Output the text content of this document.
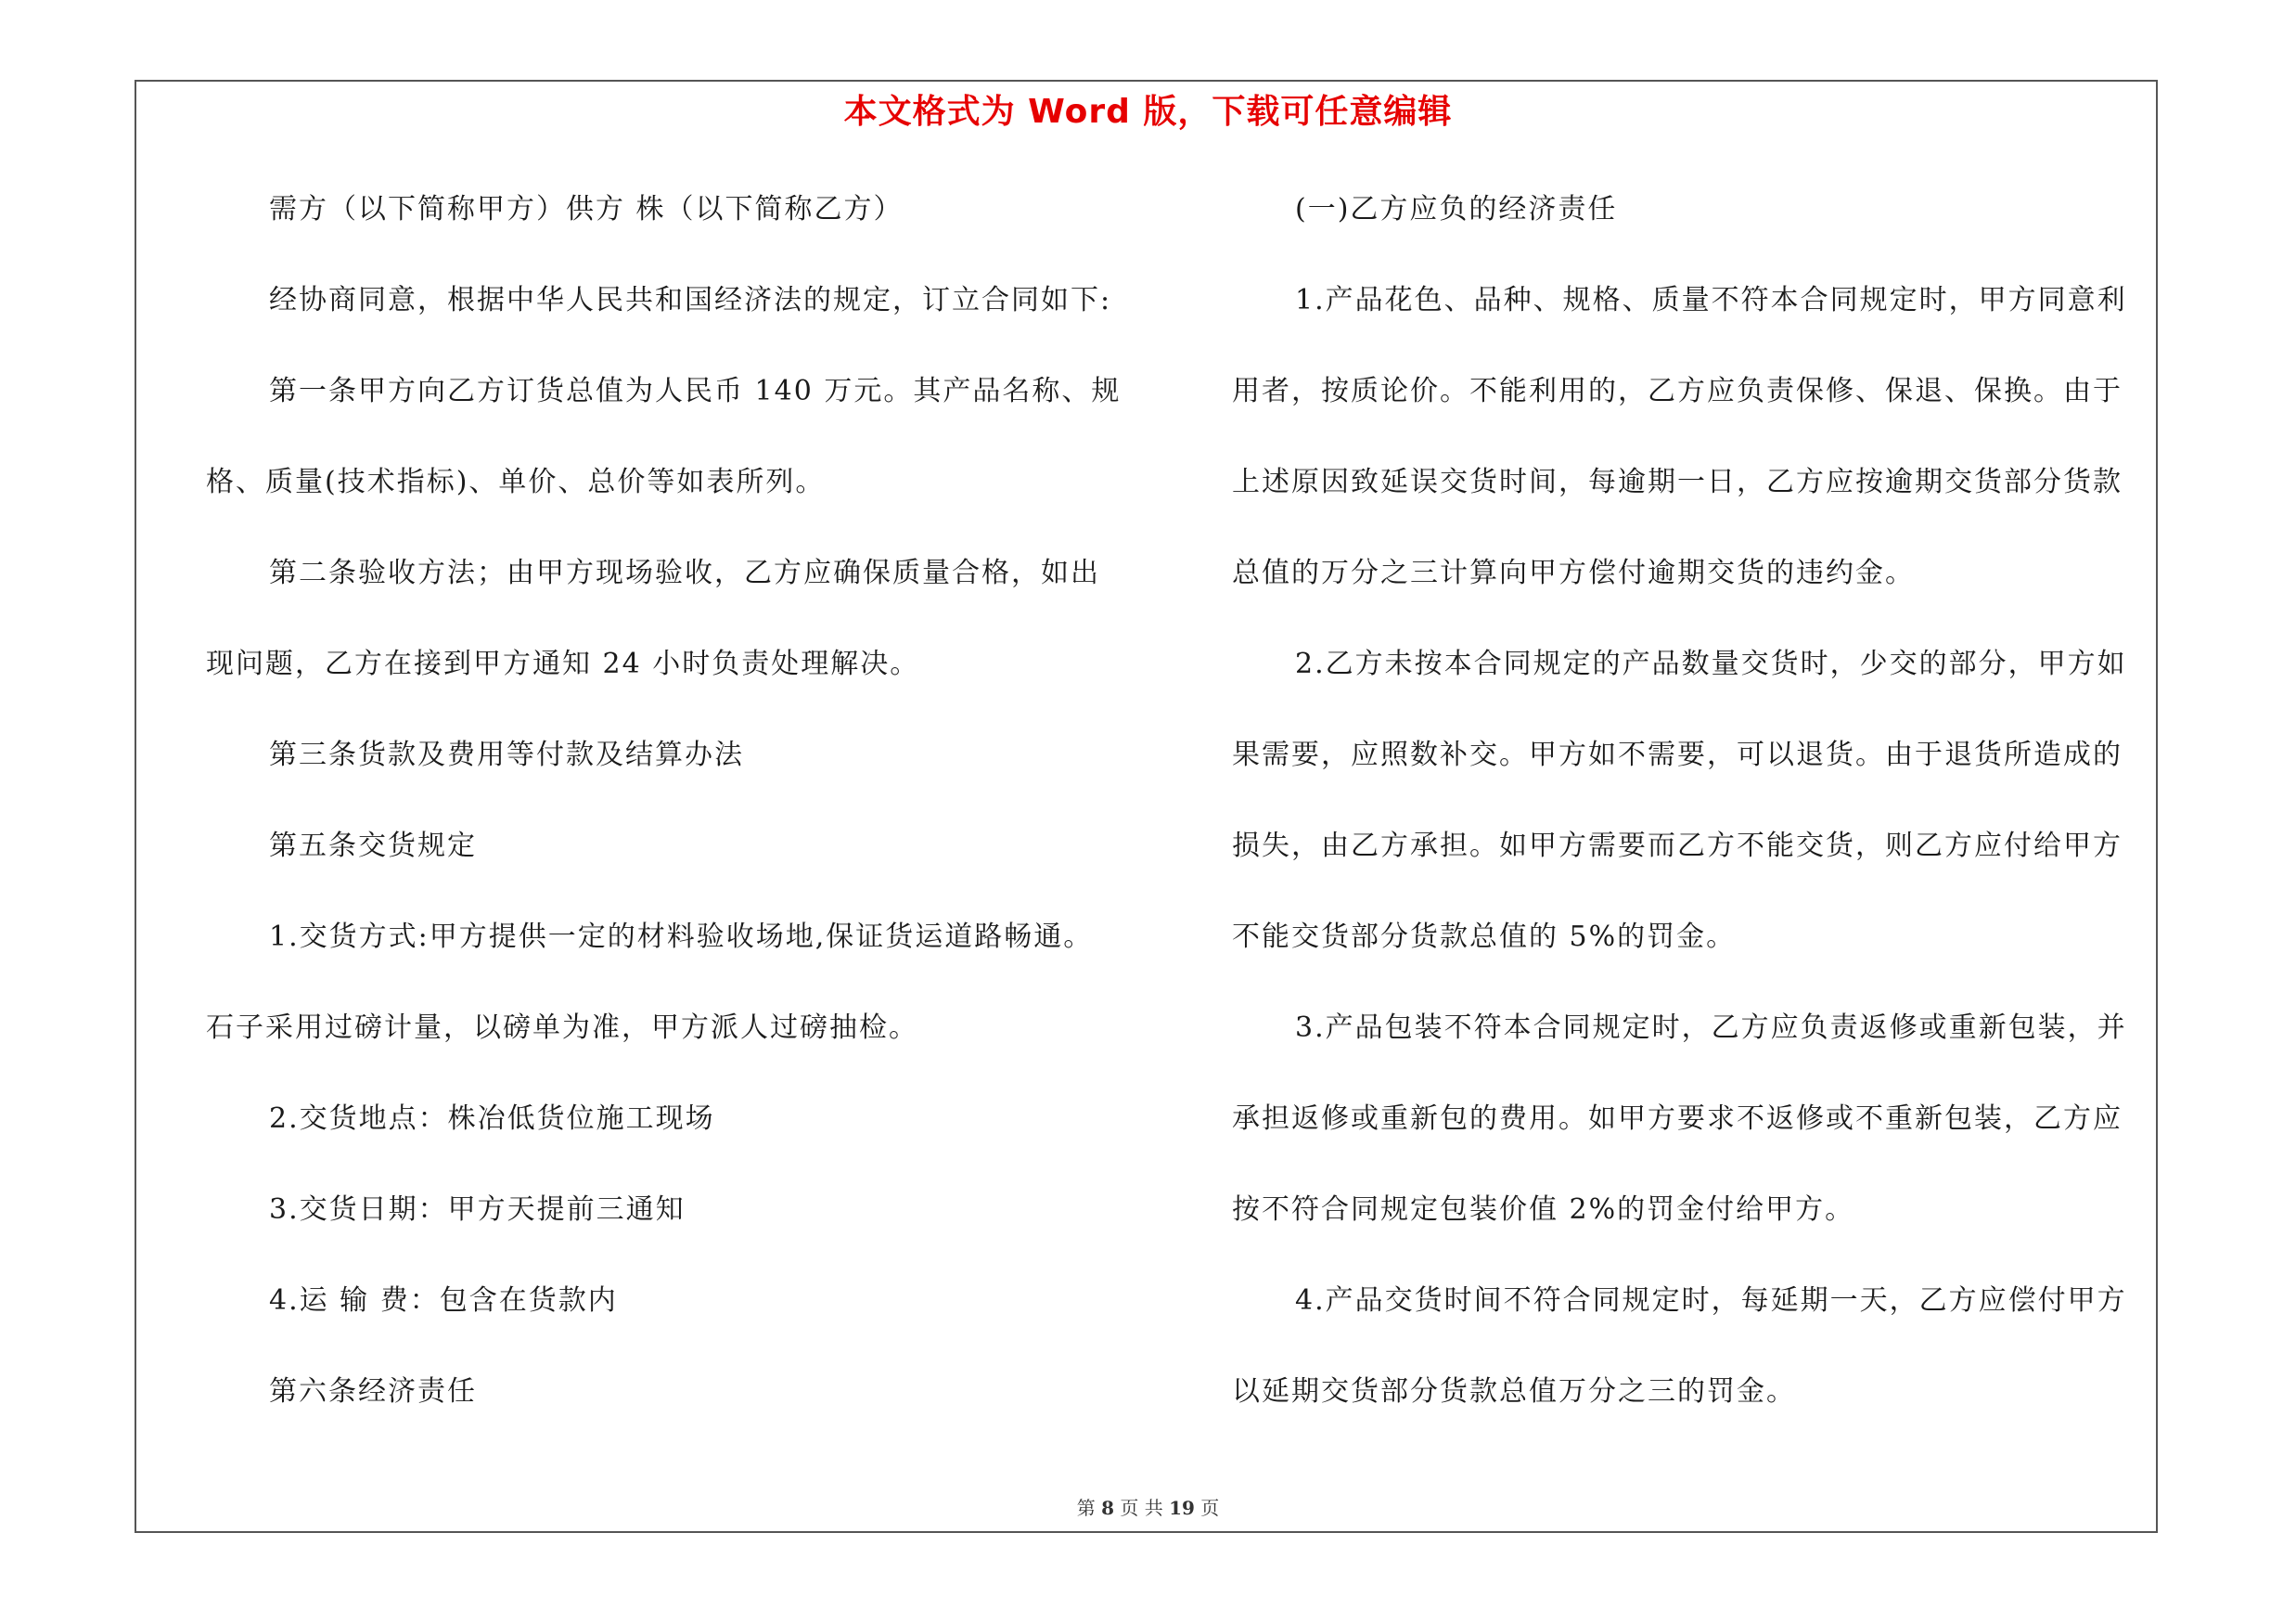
本文格式为 Word 版，下载可任意编辑
需方（以下简称甲方）供方 株（以下简称乙方）
经协商同意，根据中华人民共和国经济法的规定，订立合同如下:
第一条甲方向乙方订货总值为人民币 140 万元。其产品名称、规
格、质量(技术指标)、单价、总价等如表所列。
第二条验收方法；由甲方现场验收，乙方应确保质量合格，如出
现问题，乙方在接到甲方通知 24 小时负责处理解决。
第三条货款及费用等付款及结算办法
第五条交货规定
1.交货方式:甲方提供一定的材料验收场地,保证货运道路畅通。
石子采用过磅计量，以磅单为准，甲方派人过磅抽检。
2.交货地点：株冶低货位施工现场
3.交货日期：甲方天提前三通知
4.运 输 费：包含在货款内
第六条经济责任
(一)乙方应负的经济责任
1.产品花色、品种、规格、质量不符本合同规定时，甲方同意利
用者，按质论价。不能利用的，乙方应负责保修、保退、保换。由于
上述原因致延误交货时间，每逾期一日，乙方应按逾期交货部分货款
总值的万分之三计算向甲方偿付逾期交货的违约金。
2.乙方未按本合同规定的产品数量交货时，少交的部分，甲方如
果需要，应照数补交。甲方如不需要，可以退货。由于退货所造成的
损失，由乙方承担。如甲方需要而乙方不能交货，则乙方应付给甲方
不能交货部分货款总值的 5%的罚金。
3.产品包装不符本合同规定时，乙方应负责返修或重新包装，并
承担返修或重新包的费用。如甲方要求不返修或不重新包装，乙方应
按不符合同规定包装价值 2%的罚金付给甲方。
4.产品交货时间不符合同规定时，每延期一天，乙方应偿付甲方
以延期交货部分货款总值万分之三的罚金。
第 8 页 共 19 页
